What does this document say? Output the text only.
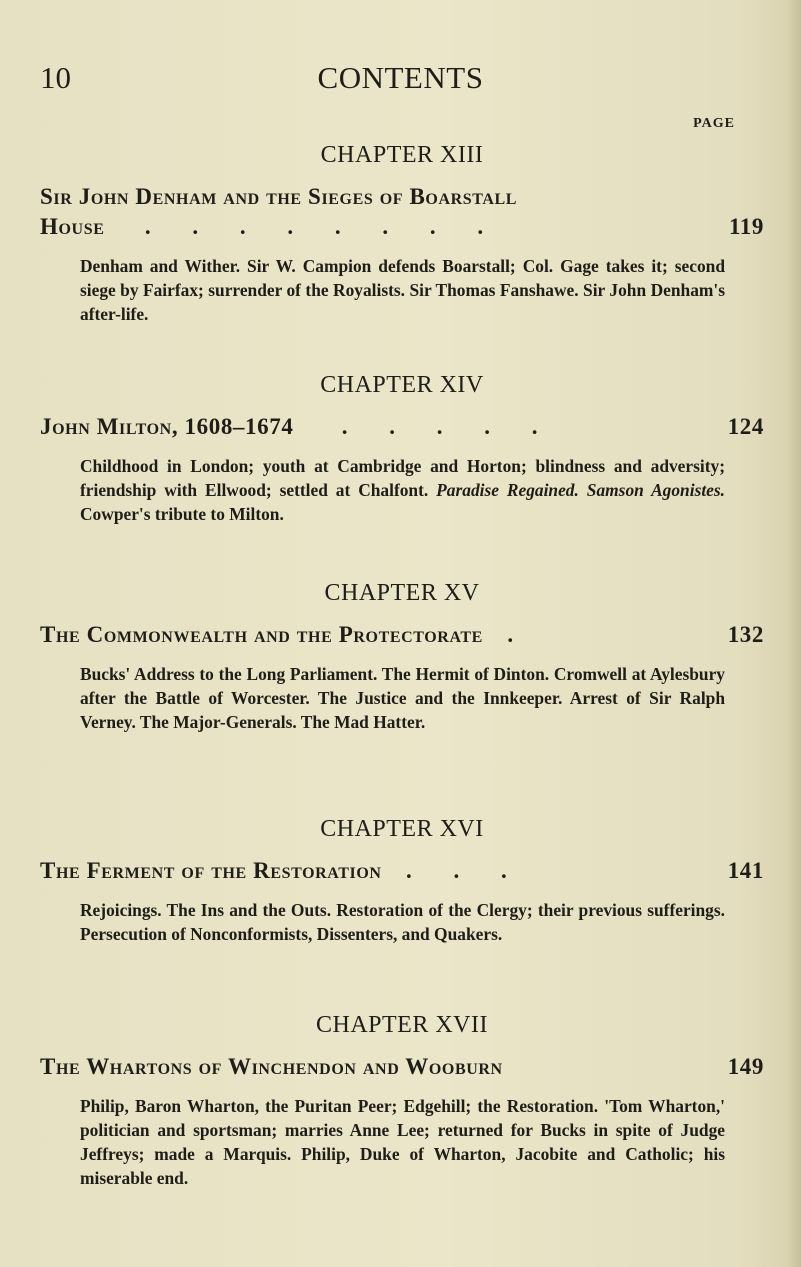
10	CONTENTS
PAGE
CHAPTER XIII
Sir John Denham and the Sieges of Boarstall
House . . . . . . . .	119
Denham and Wither. Sir W. Campion defends Boarstall; Col. Gage takes it; second siege by Fairfax; surrender of the Royalists. Sir Thomas Fanshawe. Sir John Denham's after-life.
CHAPTER XIV
John Milton, 1608–1674 . . . . .	124
Childhood in London; youth at Cambridge and Horton; blindness and adversity; friendship with Ellwood; settled at Chalfont. Paradise Regained. Samson Agonistes. Cowper's tribute to Milton.
CHAPTER XV
The Commonwealth and the Protectorate .	132
Bucks' Address to the Long Parliament. The Hermit of Dinton. Cromwell at Aylesbury after the Battle of Worcester. The Justice and the Innkeeper. Arrest of Sir Ralph Verney. The Major-Generals. The Mad Hatter.
CHAPTER XVI
The Ferment of the Restoration . . .	141
Rejoicings. The Ins and the Outs. Restoration of the Clergy; their previous sufferings. Persecution of Nonconformists, Dissenters, and Quakers.
CHAPTER XVII
The Whartons of Winchendon and Wooburn	149
Philip, Baron Wharton, the Puritan Peer; Edgehill; the Restoration. 'Tom Wharton,' politician and sportsman; marries Anne Lee; returned for Bucks in spite of Judge Jeffreys; made a Marquis. Philip, Duke of Wharton, Jacobite and Catholic; his miserable end.
